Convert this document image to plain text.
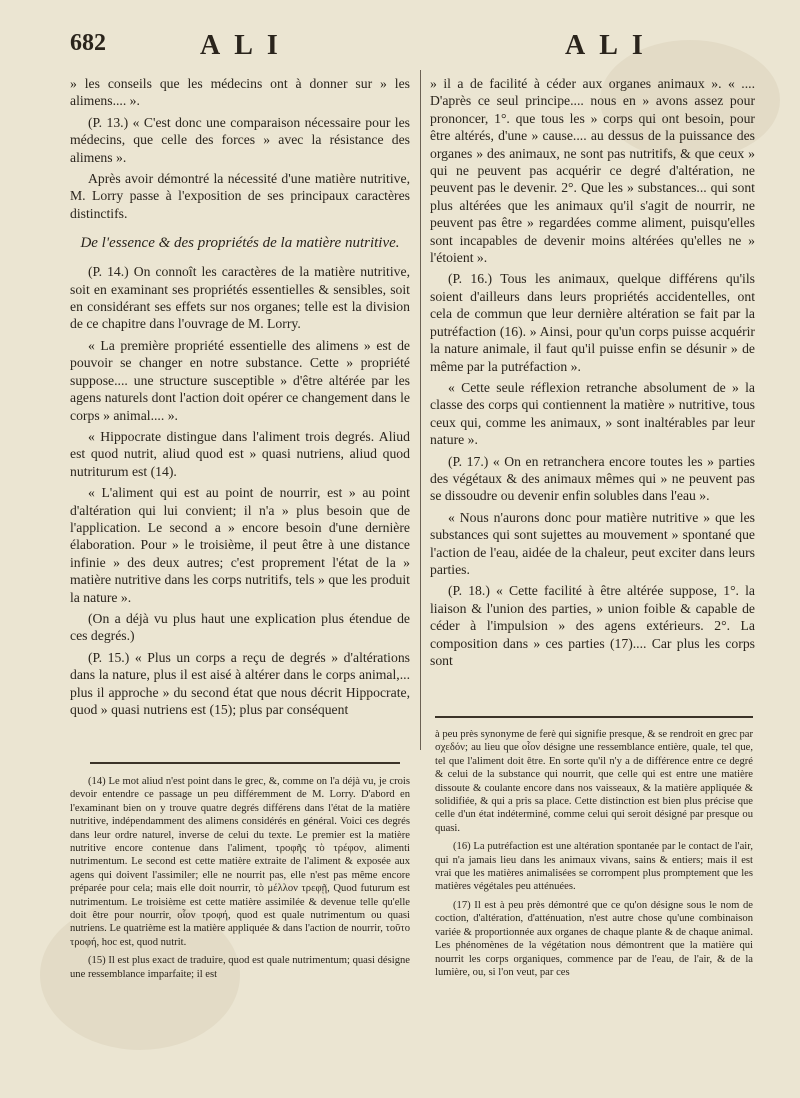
682	ALI	ALI

» les conseils que les médecins ont à donner sur » les alimens.... ».

(P. 13.) « C'est donc une comparaison nécessaire pour les médecins, que celle des forces » avec la résistance des alimens ».

Après avoir démontré la nécessité d'une matière nutritive, M. Lorry passe à l'exposition de ses principaux caractères distinctifs.

De l'essence & des propriétés de la matière nutritive.

(P. 14.) On connoît les caractères de la matière nutritive, soit en examinant ses propriétés essentielles & sensibles, soit en considérant ses effets sur nos organes; telle est la division de ce chapitre dans l'ouvrage de M. Lorry.

« La première propriété essentielle des alimens » est de pouvoir se changer en notre substance. Cette » propriété suppose.... une structure susceptible » d'être altérée par les agens naturels dont l'action doit opérer ce changement dans le corps » animal.... ».

« Hippocrate distingue dans l'aliment trois degrés. Aliud est quod nutrit, aliud quod est » quasi nutriens, aliud quod nutriturum est (14).

« L'aliment qui est au point de nourrir, est » au point d'altération qui lui convient; il n'a » plus besoin que de l'application. Le second a » encore besoin d'une dernière élaboration. Pour » le troisième, il peut être à une distance infinie » des deux autres; c'est proprement l'état de la » matière nutritive dans les corps nutritifs, tels » que les produit la nature ».

(On a déjà vu plus haut une explication plus étendue de ces degrés.)

(P. 15.) « Plus un corps a reçu de degrés » d'altérations dans la nature, plus il est aisé à altérer dans le corps animal,... plus il approche » du second état que nous décrit Hippocrate, quod » quasi nutriens est (15); plus par conséquent

» il a de facilité à céder aux organes animaux ». « .... D'après ce seul principe.... nous en » avons assez pour prononcer, 1°. que tous les » corps qui ont besoin, pour être altérés, d'une » cause.... au dessus de la puissance des organes » des animaux, ne sont pas nutritifs, & que ceux » qui ne peuvent pas acquérir ce degré d'altération, ne peuvent pas le devenir. 2°. Que les » substances... qui sont plus altérées que les animaux qu'il s'agit de nourrir, ne peuvent pas être » regardées comme aliment, puisqu'elles sont incapables de devenir moins altérées qu'elles ne » l'étoient ».

(P. 16.) Tous les animaux, quelque différens qu'ils soient d'ailleurs dans leurs propriétés accidentelles, ont cela de commun que leur dernière altération se fait par la putréfaction (16). » Ainsi, pour qu'un corps puisse acquérir la nature animale, il faut qu'il puisse enfin se désunir » de même par la putréfaction ».

« Cette seule réflexion retranche absolument de » la classe des corps qui contiennent la matière » nutritive, tous ceux qui, comme les animaux, » sont inaltérables par leur nature ».

(P. 17.) « On en retranchera encore toutes les » parties des végétaux & des animaux mêmes qui » ne peuvent pas se dissoudre ou devenir enfin solubles dans l'eau ».

« Nous n'aurons donc pour matière nutritive » que les substances qui sont sujettes au mouvement » spontané que l'action de l'eau, aidée de la chaleur, peut exciter dans leurs parties.

(P. 18.) « Cette facilité à être altérée suppose, 1°. la liaison & l'union des parties, » union foible & capable de céder à l'impulsion » des agens extérieurs. 2°. La composition dans » ces parties (17).... Car plus les corps sont

(14) Le mot aliud n'est point dans le grec, &, comme on l'a déjà vu, je crois devoir entendre ce passage un peu différemment de M. Lorry. D'abord en l'examinant bien on y trouve quatre degrés différens dans l'état de la matière nutritive, indépendamment des alimens considérés en général. Voici ces degrés dans leur ordre naturel, inverse de celui du texte. Le premier est la matière nutritive encore contenue dans l'aliment, τροφῆς τὸ τρέφον, alimenti nutrimentum. Le second est cette matière extraite de l'aliment & exposée aux agens qui doivent l'assimiler; elle ne nourrit pas, elle n'est pas même encore préparée pour cela; mais elle doit nourrir, τὸ μέλλον τρεφῇ, Quod futurum est nutrimentum. Le troisième est cette matière assimilée & devenue telle qu'elle doit être pour nourrir, οἷον τροφή, quod est quale nutrimentum ou quasi nutriens. Le quatrième est la matière appliquée & dans l'action de nourrir, τοῦτο τροφή, hoc est, quod nutrit.

(15) Il est plus exact de traduire, quod est quale nutrimentum; quasi désigne une ressemblance imparfaite; il est

à peu près synonyme de ferè qui signifie presque, & se rendroit en grec par σχεδόν; au lieu que οἷον désigne une ressemblance entière, quale, tel que, tel que l'aliment doit être. En sorte qu'il n'y a de différence entre ce degré & celui de la substance qui nourrit, que celle qui est entre une matière dissoute & coulante encore dans nos vaisseaux, & la matière appliquée & solidifiée, & qui a pris sa place. Cette distinction est bien plus précise que celle d'un état indéterminé, comme celui qui seroit désigné par presque ou quasi.

(16) La putréfaction est une altération spontanée par le contact de l'air, qui n'a jamais lieu dans les animaux vivans, sains & entiers; mais il est vrai que les matières animalisées se corrompent plus promptement que les matières végétales peu atténuées.

(17) Il est à peu près démontré que ce qu'on désigne sous le nom de coction, d'altération, d'atténuation, n'est autre chose qu'une combinaison variée & proportionnée aux organes de chaque plante & de chaque animal. Les phénomènes de la végétation nous démontrent que la matière qui nourrit les corps organiques, commence par de l'eau, de l'air, & de la lumière, ou, si l'on veut, par ces
